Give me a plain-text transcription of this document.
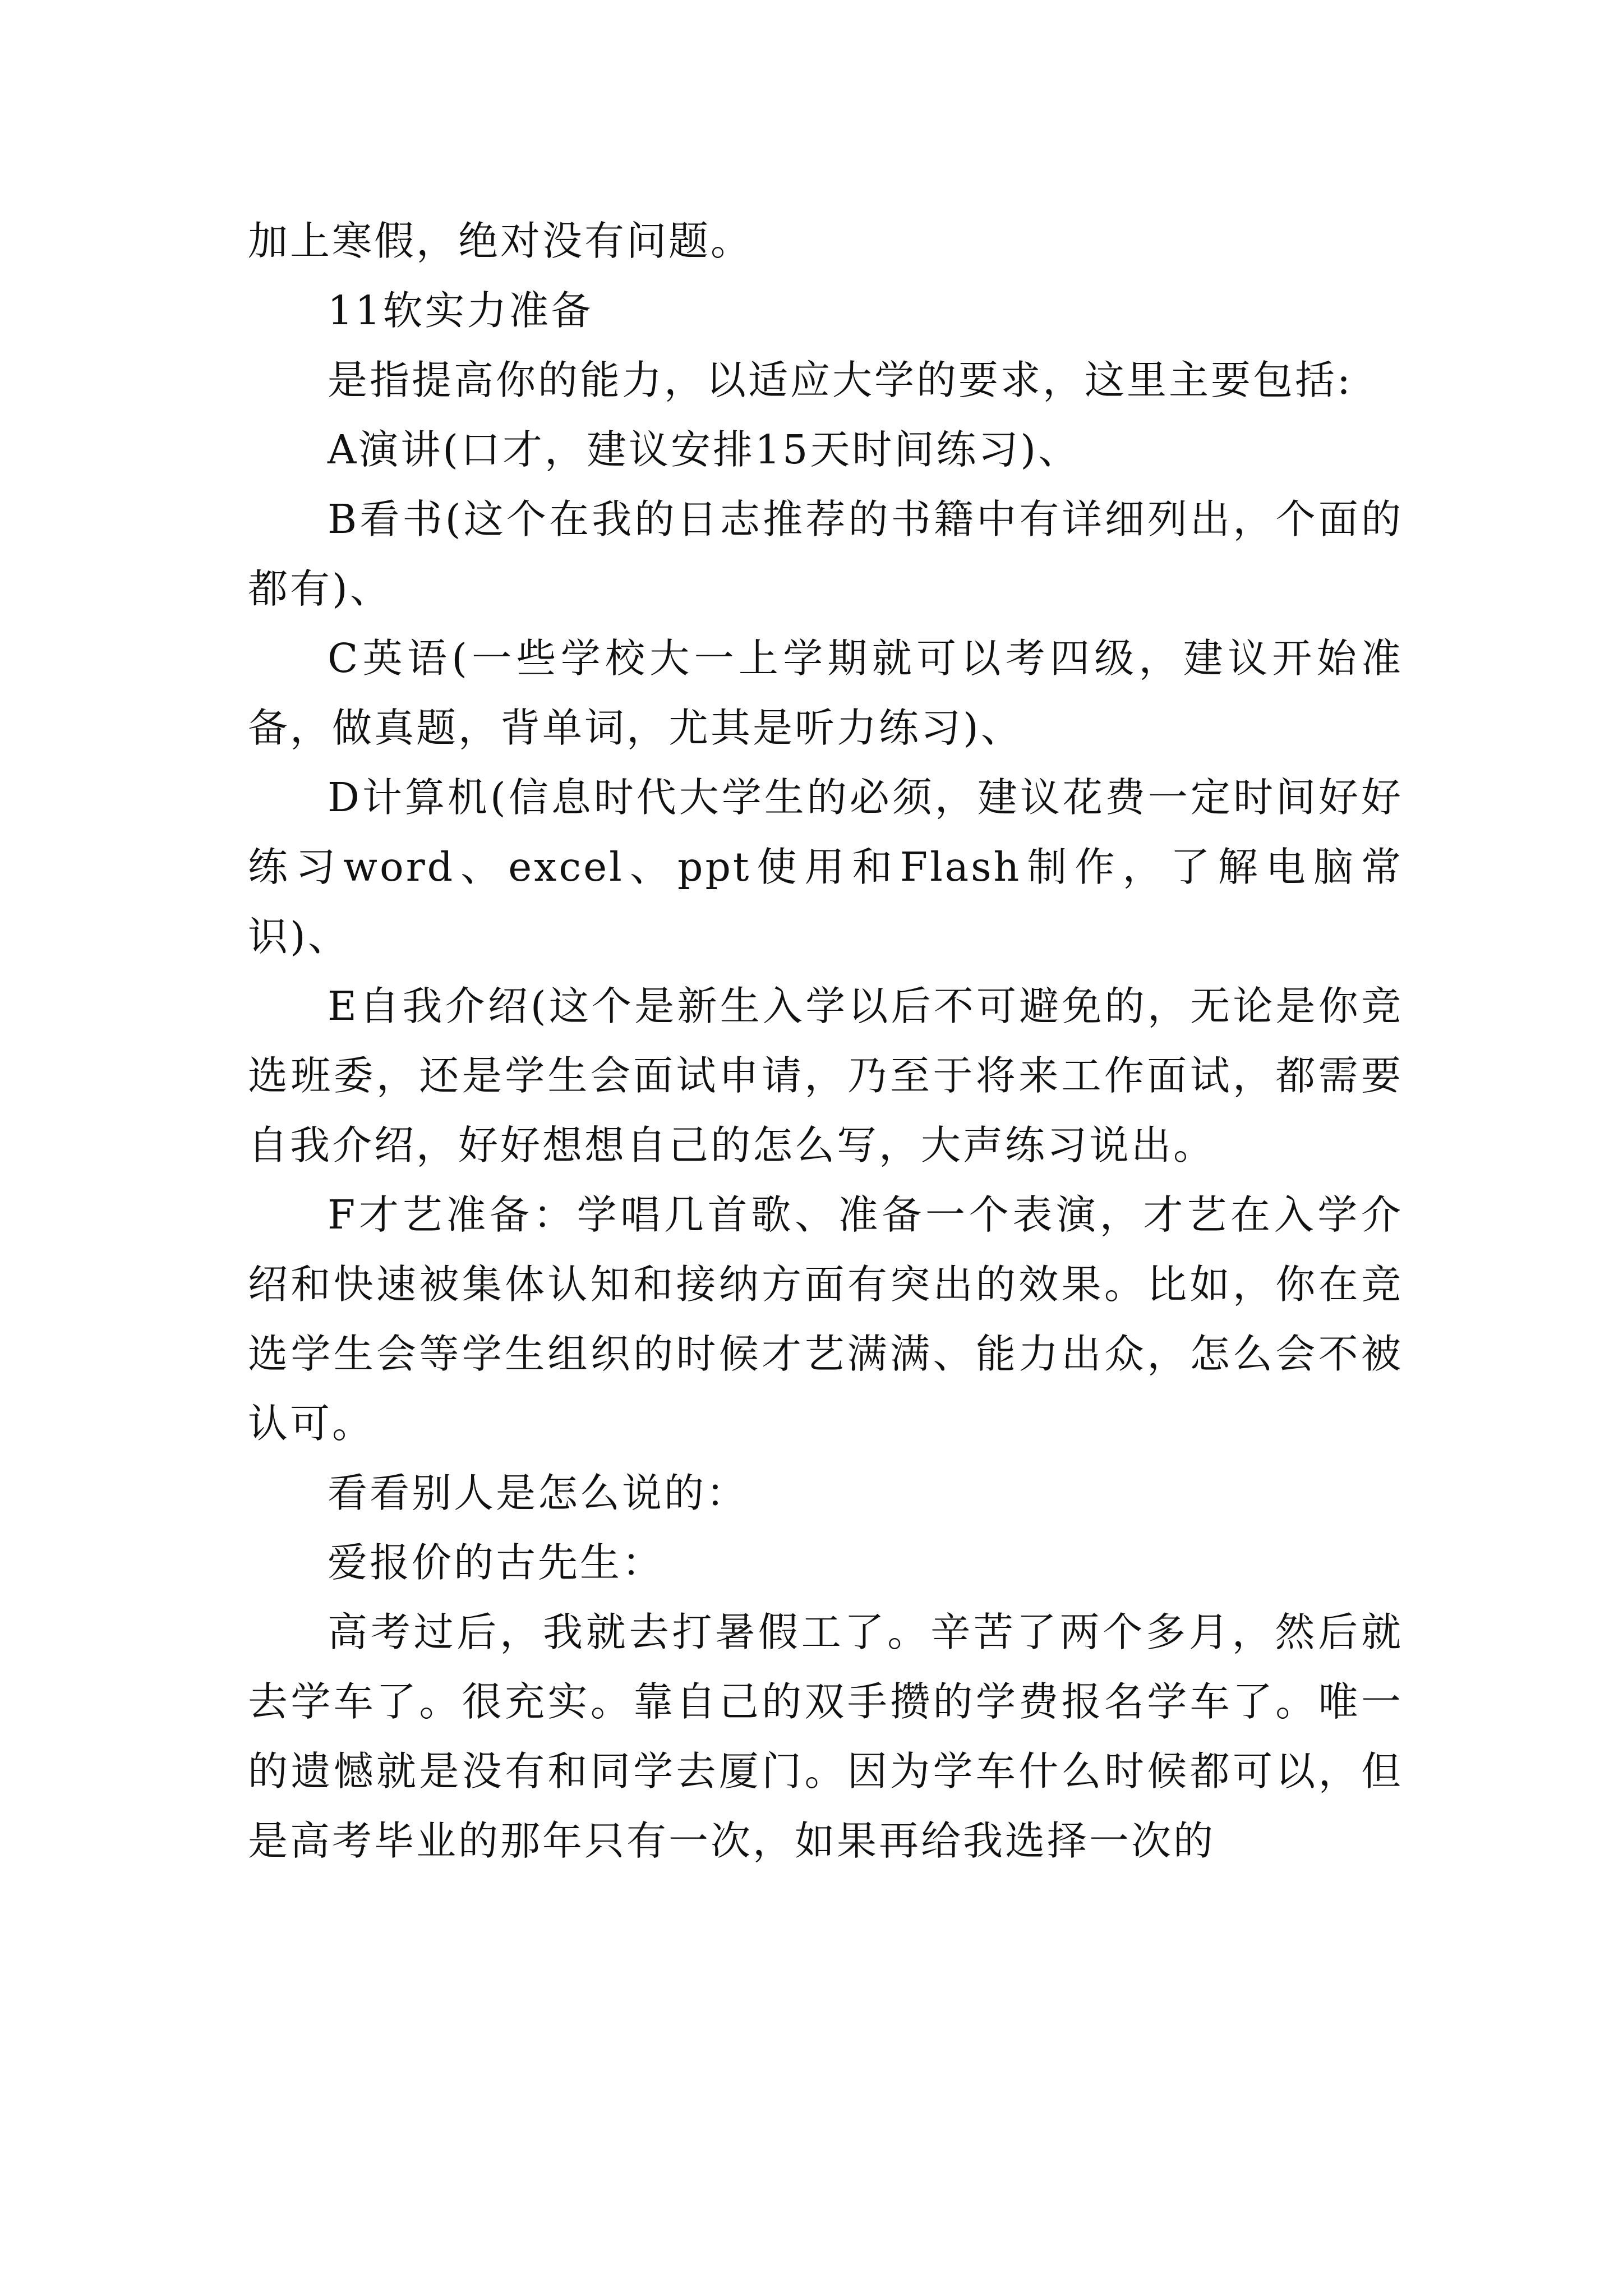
加上寒假，绝对没有问题。

11软实力准备

是指提高你的能力，以适应大学的要求，这里主要包括:

A演讲(口才，建议安排15天时间练习)、

B看书(这个在我的日志推荐的书籍中有详细列出，个面的都有)、

C英语(一些学校大一上学期就可以考四级，建议开始准备，做真题，背单词，尤其是听力练习)、

D计算机(信息时代大学生的必须，建议花费一定时间好好练习word、excel、ppt使用和Flash制作，了解电脑常识)、

E自我介绍(这个是新生入学以后不可避免的，无论是你竞选班委，还是学生会面试申请，乃至于将来工作面试，都需要自我介绍，好好想想自己的怎么写，大声练习说出。

F才艺准备：学唱几首歌、准备一个表演，才艺在入学介绍和快速被集体认知和接纳方面有突出的效果。比如，你在竞选学生会等学生组织的时候才艺满满、能力出众，怎么会不被认可。

看看别人是怎么说的：

爱报价的古先生：

高考过后，我就去打暑假工了。辛苦了两个多月，然后就去学车了。很充实。靠自己的双手攒的学费报名学车了。唯一的遗憾就是没有和同学去厦门。因为学车什么时候都可以，但是高考毕业的那年只有一次，如果再给我选择一次的
